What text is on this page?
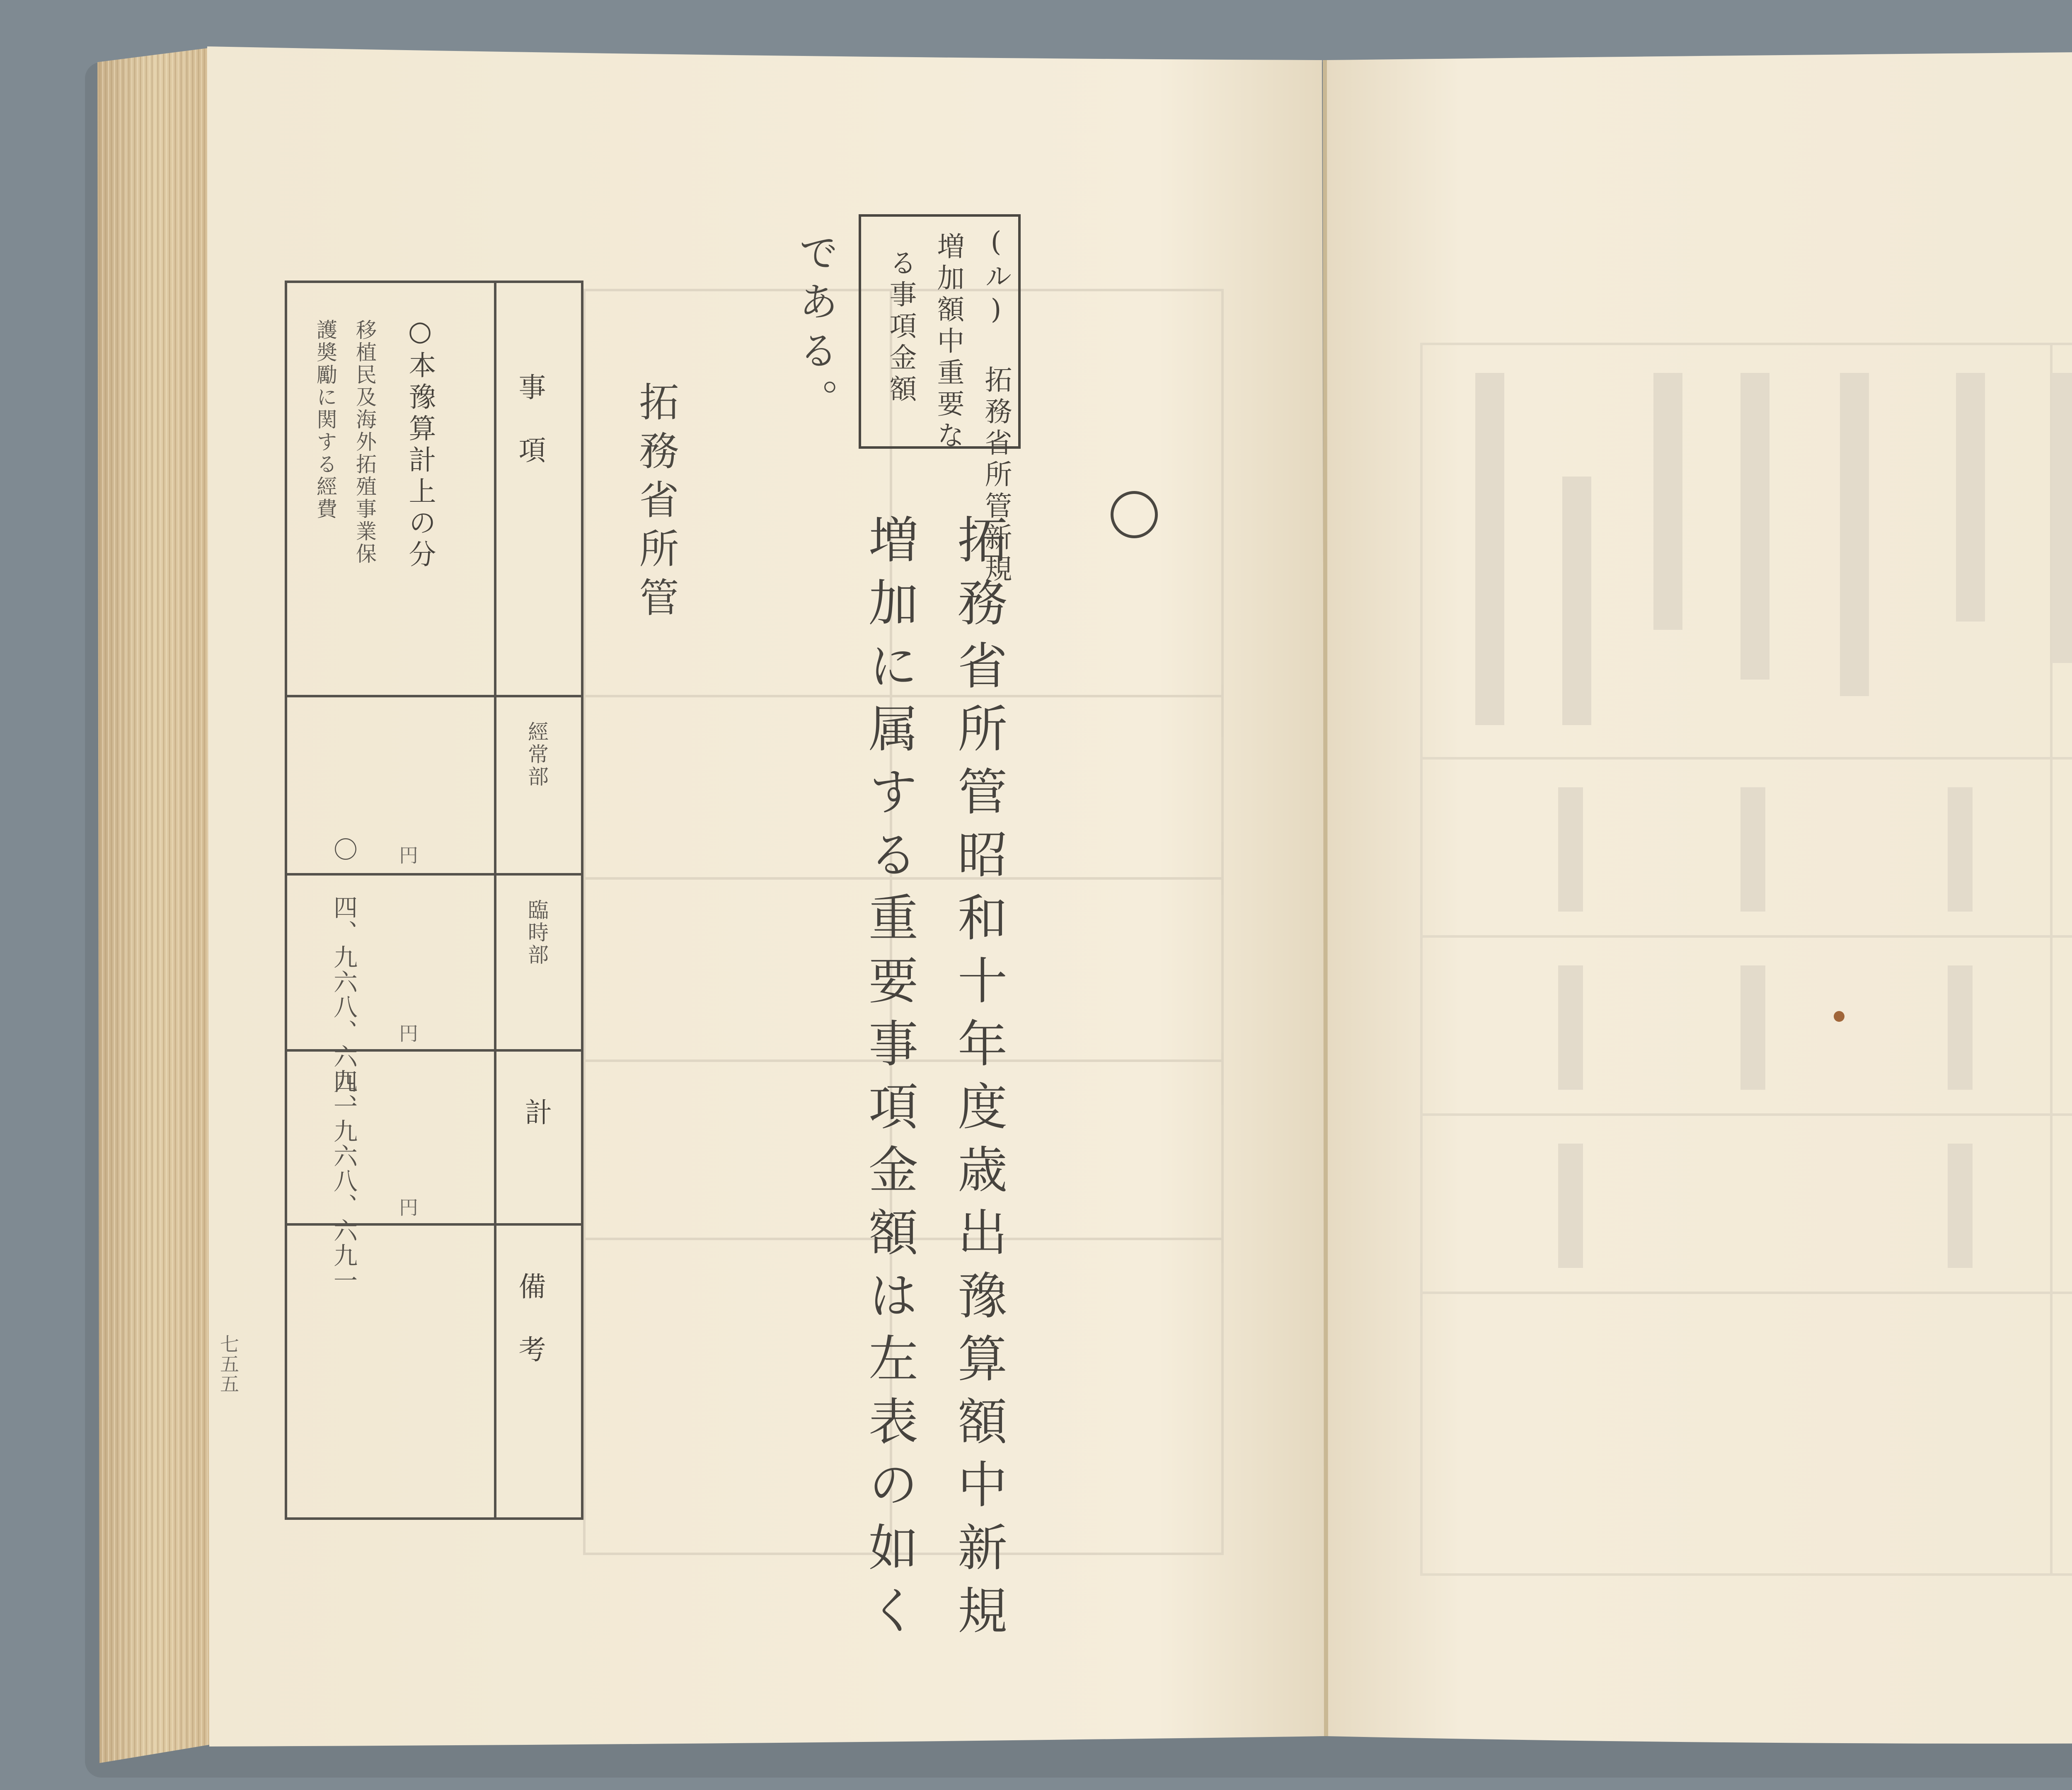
(ル) 拓務省所管新規
増加額中重要な
る事項金額
である。
拓務省所管昭和十年度歳出豫算額中新規
増加に属する重要事項金額は左表の如く
拓務省所管
事　項
經常部
臨時部
計
備　考
○本豫算計上の分
移植民及海外拓殖事業保
護奬勵に関する經費
円
円
円
〇
四、九六八、六九一
四、九六八、六九一
七五五
